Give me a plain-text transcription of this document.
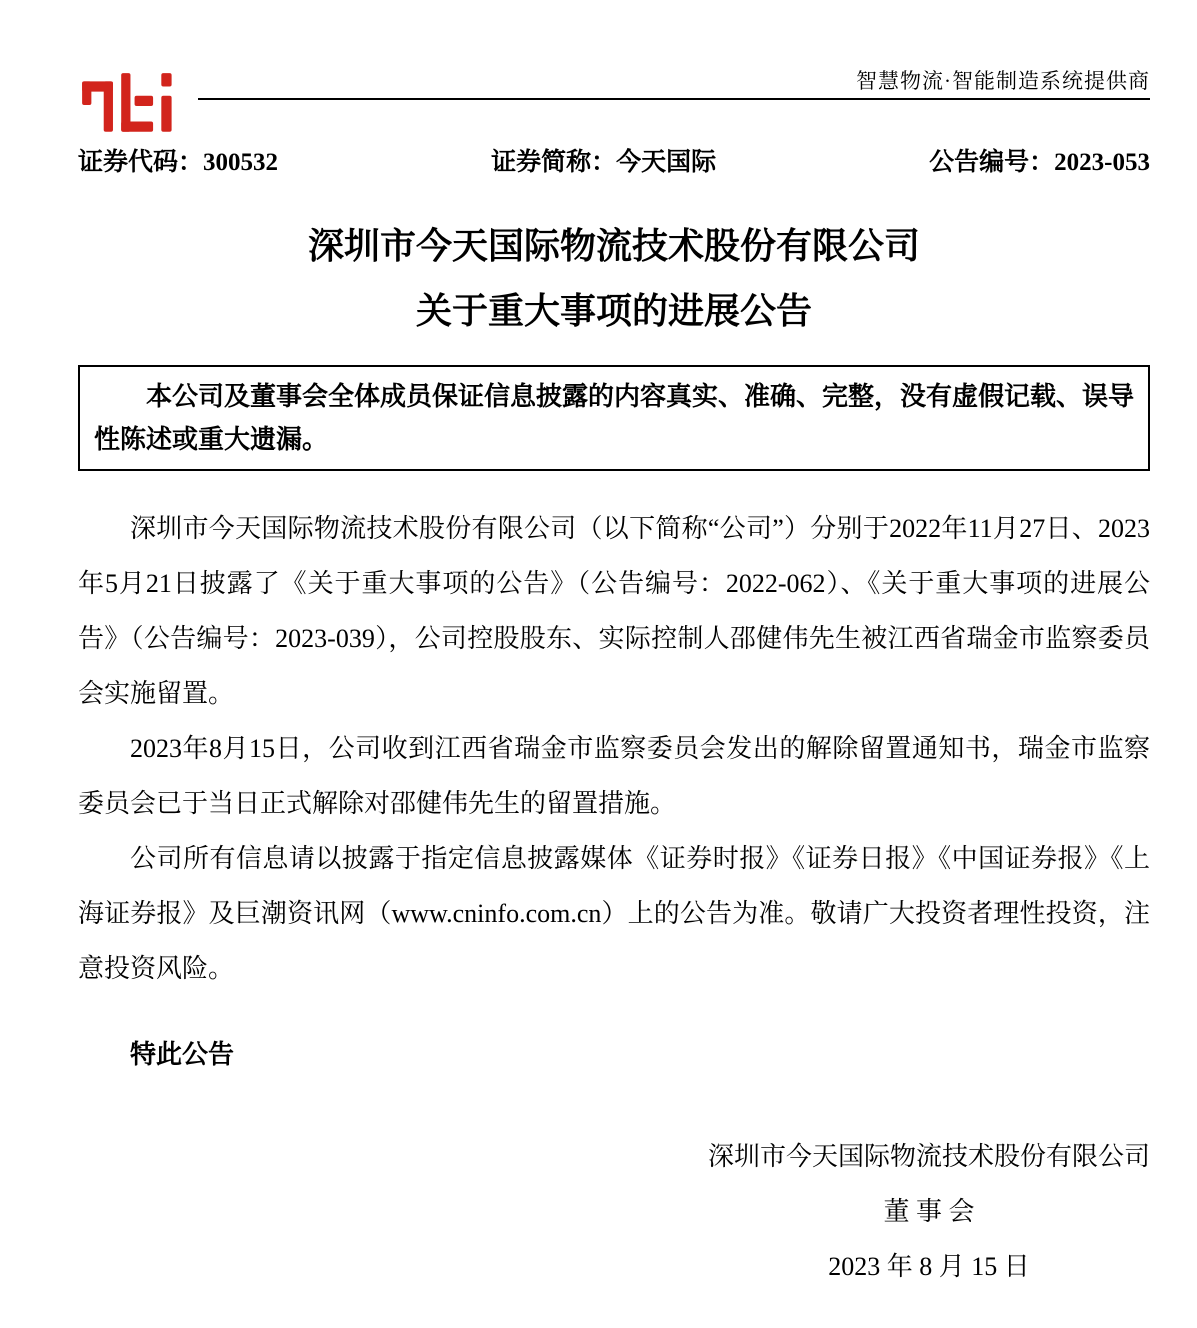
智慧物流·智能制造系统提供商
证券代码：300532	证券简称：今天国际	公告编号：2023-053
深圳市今天国际物流技术股份有限公司
关于重大事项的进展公告

本公司及董事会全体成员保证信息披露的内容真实、准确、完整，没有虚假记载、误导性陈述或重大遗漏。

深圳市今天国际物流技术股份有限公司（以下简称“公司”）分别于2022年11月27日、2023年5月21日披露了《关于重大事项的公告》（公告编号：2022-062）、《关于重大事项的进展公告》（公告编号：2023-039），公司控股股东、实际控制人邵健伟先生被江西省瑞金市监察委员会实施留置。

2023年8月15日，公司收到江西省瑞金市监察委员会发出的解除留置通知书，瑞金市监察委员会已于当日正式解除对邵健伟先生的留置措施。

公司所有信息请以披露于指定信息披露媒体《证券时报》《证券日报》《中国证券报》《上海证券报》及巨潮资讯网（www.cninfo.com.cn）上的公告为准。敬请广大投资者理性投资，注意投资风险。

特此公告

深圳市今天国际物流技术股份有限公司
董 事 会
2023 年 8 月 15 日
